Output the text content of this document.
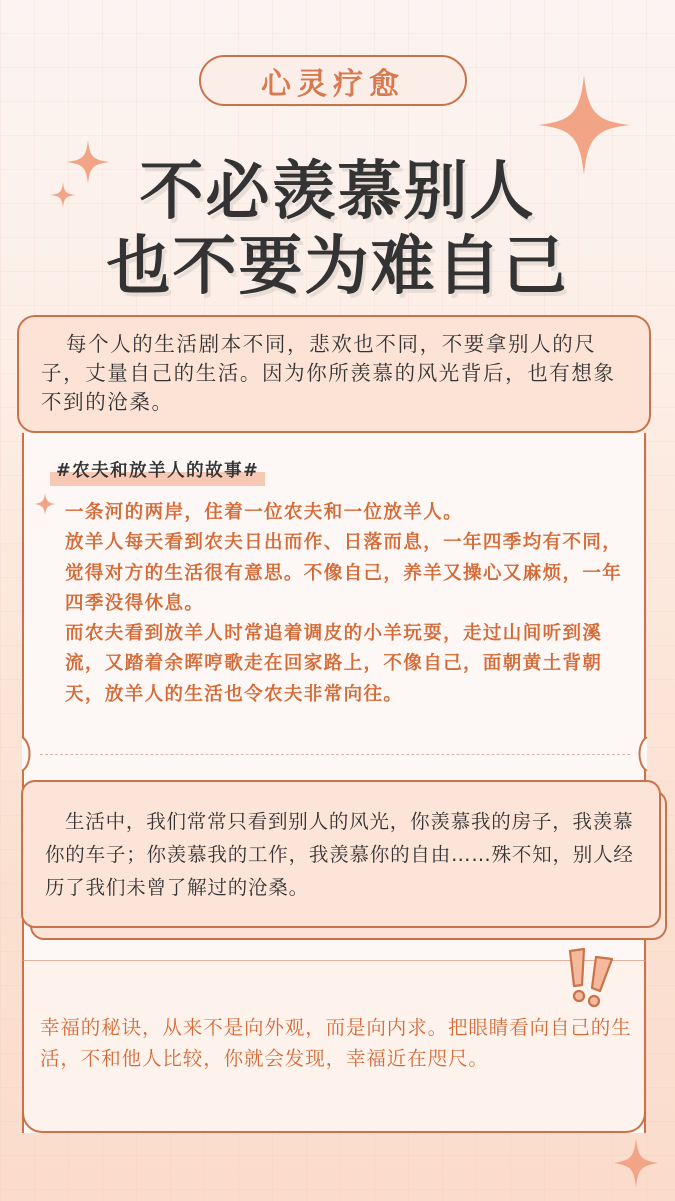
心灵疗愈
不必羡慕别人
也不要为难自己
每个人的生活剧本不同，悲欢也不同，不要拿别人的尺子，丈量自己的生活。因为你所羡慕的风光背后，也有想象不到的沧桑。
#农夫和放羊人的故事#

一条河的两岸，住着一位农夫和一位放羊人。

放羊人每天看到农夫日出而作、日落而息，一年四季均有不同，觉得对方的生活很有意思。不像自己，养羊又操心又麻烦，一年四季没得休息。

而农夫看到放羊人时常追着调皮的小羊玩耍，走过山间听到溪流，又踏着余晖哼歌走在回家路上，不像自己，面朝黄土背朝天，放羊人的生活也令农夫非常向往。

生活中，我们常常只看到别人的风光，你羡慕我的房子，我羡慕你的车子；你羡慕我的工作，我羡慕你的自由……殊不知，别人经历了我们未曾了解过的沧桑。
幸福的秘诀，从来不是向外观，而是向内求。把眼睛看向自己的生活，不和他人比较，你就会发现，幸福近在咫尺。
